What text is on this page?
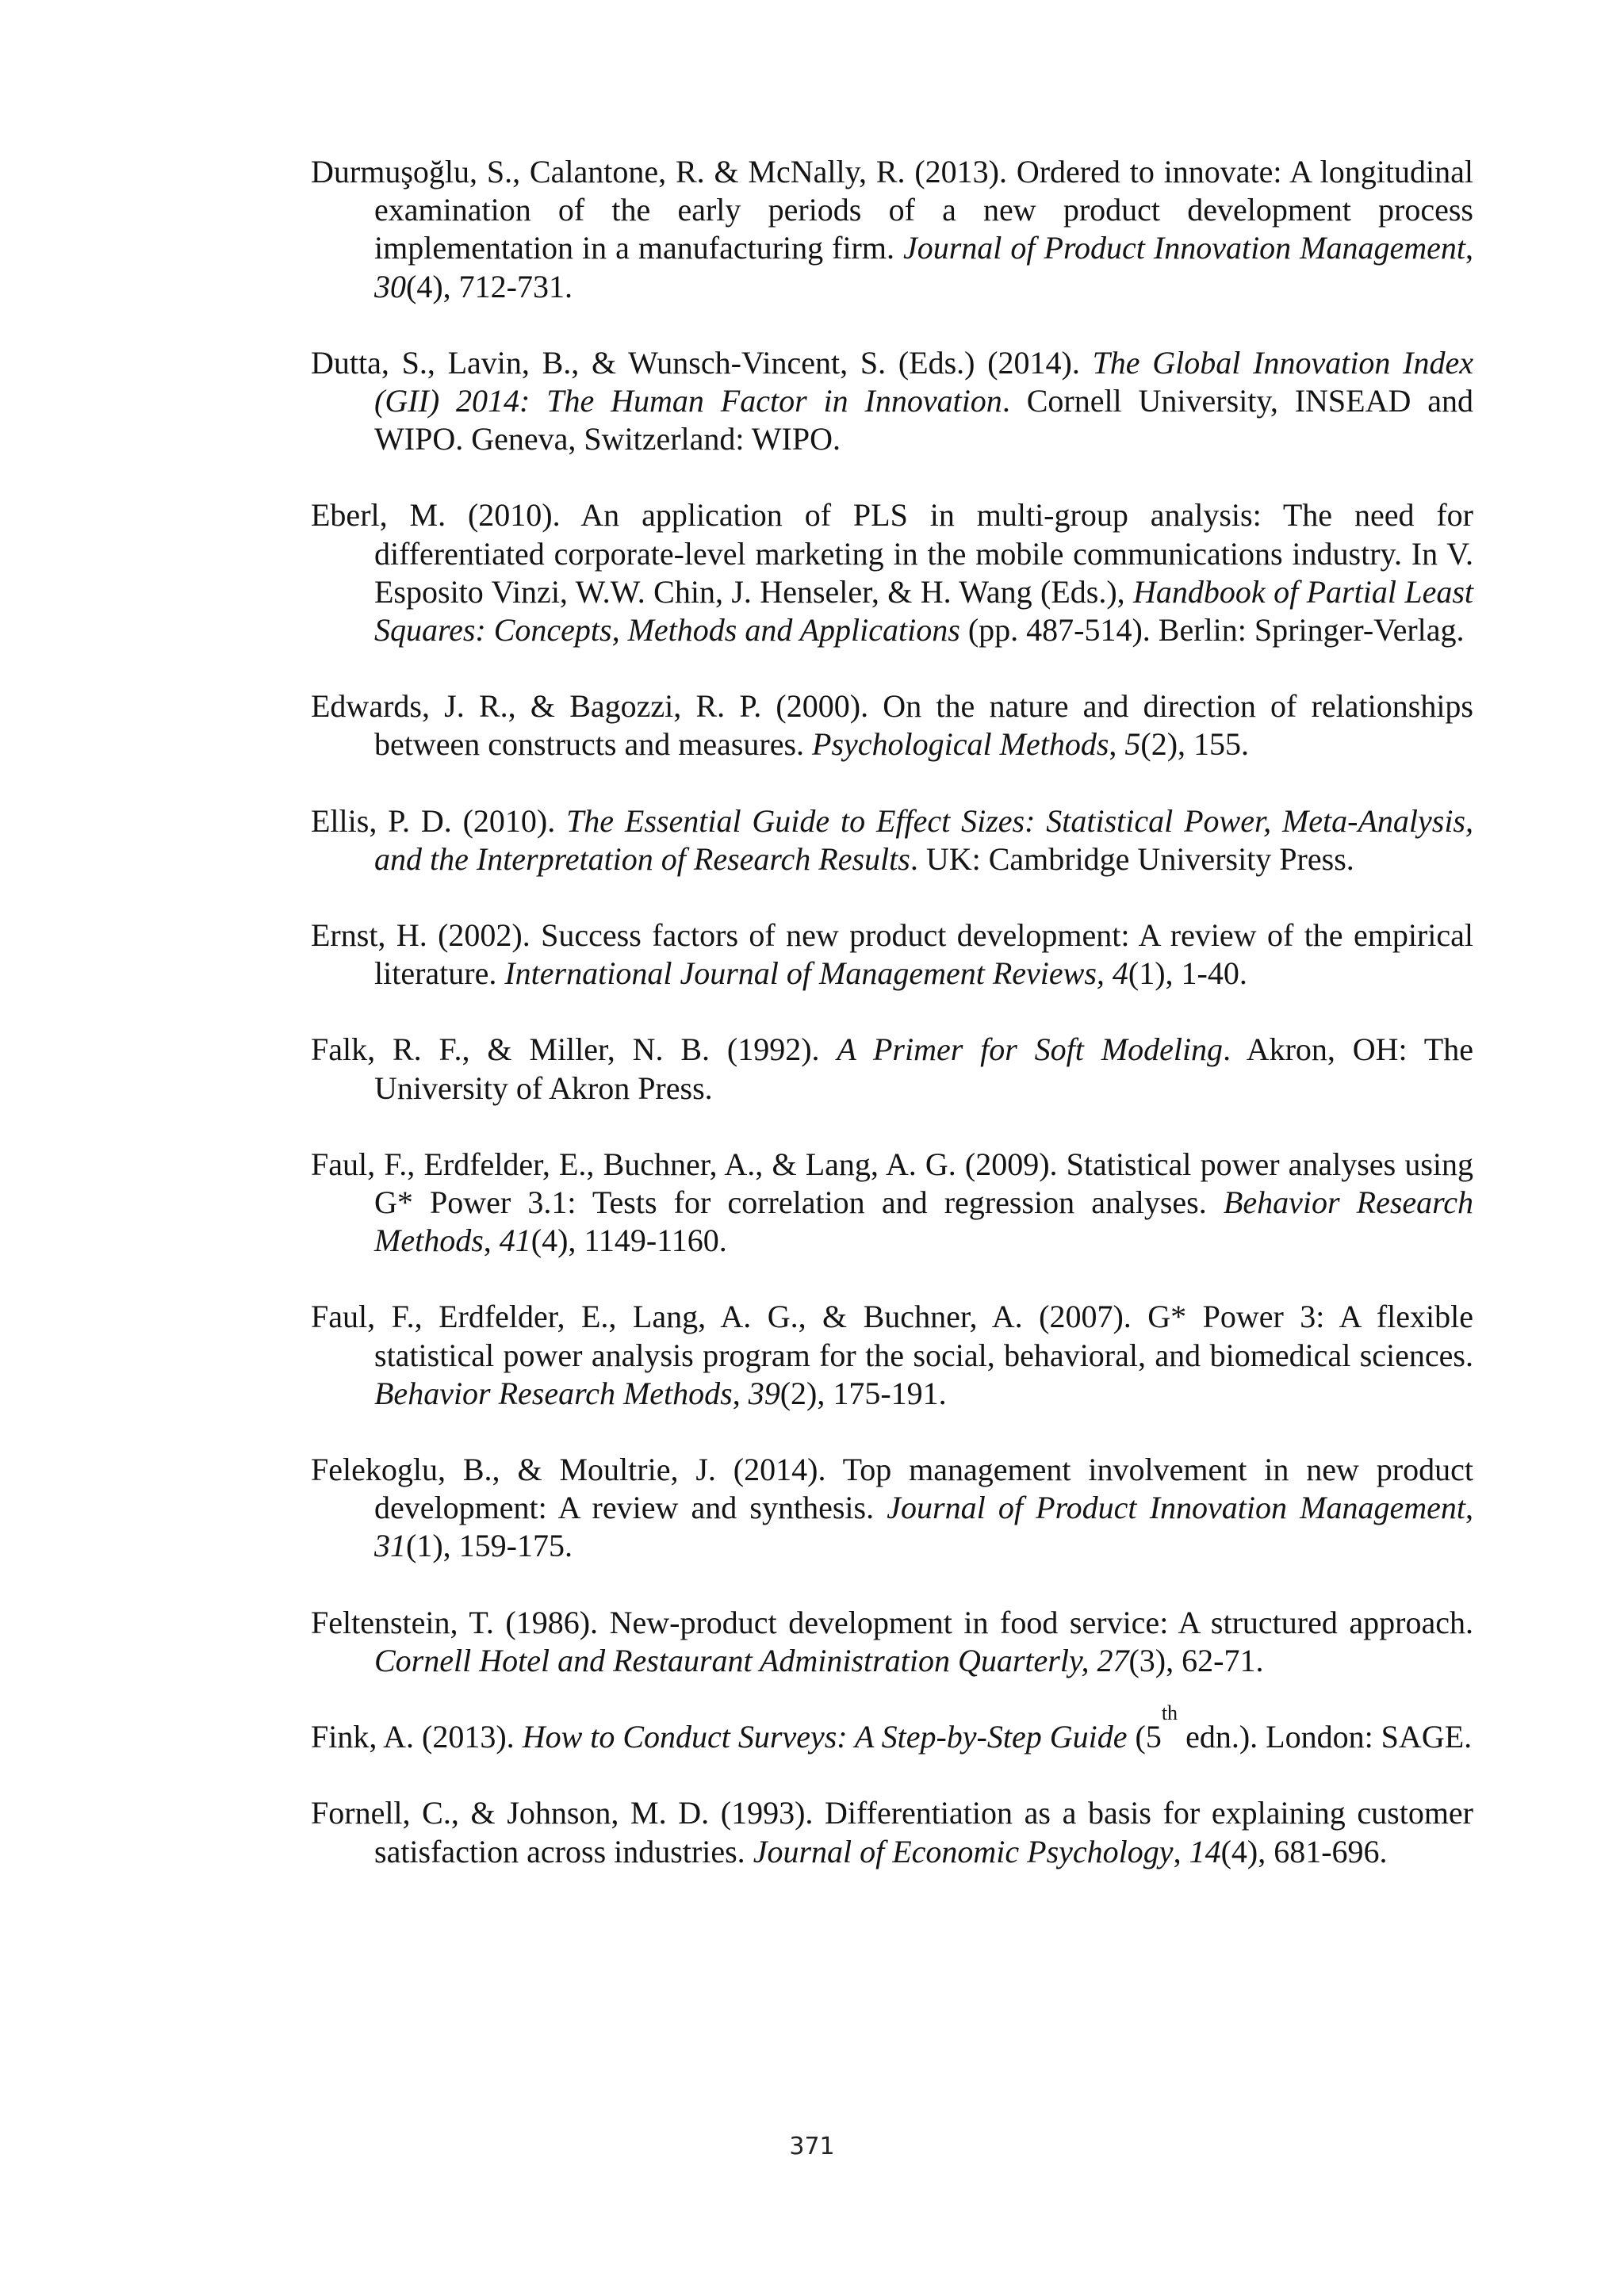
Durmuşoğlu, S., Calantone, R. & McNally, R. (2013). Ordered to innovate: A longitudinal examination of the early periods of a new product development process implementation in a manufacturing firm. Journal of Product Innovation Management, 30(4), 712-731.

Dutta, S., Lavin, B., & Wunsch-Vincent, S. (Eds.) (2014). The Global Innovation Index (GII) 2014: The Human Factor in Innovation. Cornell University, INSEAD and WIPO. Geneva, Switzerland: WIPO.

Eberl, M. (2010). An application of PLS in multi-group analysis: The need for differentiated corporate-level marketing in the mobile communications industry. In V. Esposito Vinzi, W.W. Chin, J. Henseler, & H. Wang (Eds.), Handbook of Partial Least Squares: Concepts, Methods and Applications (pp. 487-514). Berlin: Springer-Verlag.

Edwards, J. R., & Bagozzi, R. P. (2000). On the nature and direction of relationships between constructs and measures. Psychological Methods, 5(2), 155.

Ellis, P. D. (2010). The Essential Guide to Effect Sizes: Statistical Power, Meta-Analysis, and the Interpretation of Research Results. UK: Cambridge University Press.

Ernst, H. (2002). Success factors of new product development: A review of the empirical literature. International Journal of Management Reviews, 4(1), 1-40.

Falk, R. F., & Miller, N. B. (1992). A Primer for Soft Modeling. Akron, OH: The University of Akron Press.

Faul, F., Erdfelder, E., Buchner, A., & Lang, A. G. (2009). Statistical power analyses using G* Power 3.1: Tests for correlation and regression analyses. Behavior Research Methods, 41(4), 1149-1160.

Faul, F., Erdfelder, E., Lang, A. G., & Buchner, A. (2007). G* Power 3: A flexible statistical power analysis program for the social, behavioral, and biomedical sciences. Behavior Research Methods, 39(2), 175-191.

Felekoglu, B., & Moultrie, J. (2014). Top management involvement in new product development: A review and synthesis. Journal of Product Innovation Management, 31(1), 159-175.

Feltenstein, T. (1986). New-product development in food service: A structured approach. Cornell Hotel and Restaurant Administration Quarterly, 27(3), 62-71.

Fink, A. (2013). How to Conduct Surveys: A Step-by-Step Guide (5th edn.). London: SAGE.

Fornell, C., & Johnson, M. D. (1993). Differentiation as a basis for explaining customer satisfaction across industries. Journal of Economic Psychology, 14(4), 681-696.

371
